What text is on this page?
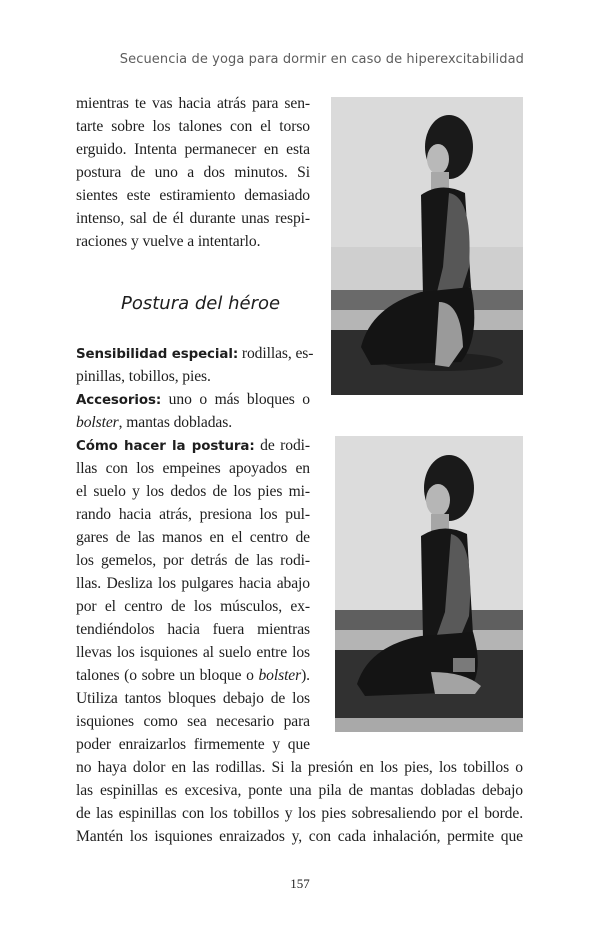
Secuencia de yoga para dormir en caso de hiperexcitabilidad
mientras te vas hacia atrás para sen-
tarte sobre los talones con el torso
erguido. Intenta permanecer en esta
postura de uno a dos minutos. Si
sientes este estiramiento demasiado
intenso, sal de él durante unas respi-
raciones y vuelve a intentarlo.
Postura del héroe
Sensibilidad especial: rodillas, es-
pinillas, tobillos, pies.
Accesorios: uno o más bloques o
bolster, mantas dobladas.
Cómo hacer la postura: de rodi-
llas con los empeines apoyados en
el suelo y los dedos de los pies mi-
rando hacia atrás, presiona los pul-
gares de las manos en el centro de
los gemelos, por detrás de las rodi-
llas. Desliza los pulgares hacia abajo
por el centro de los músculos, ex-
tendiéndolos hacia fuera mientras
llevas los isquiones al suelo entre los
talones (o sobre un bloque o bolster).
Utiliza tantos bloques debajo de los
isquiones como sea necesario para
poder enraizarlos firmemente y que
no haya dolor en las rodillas. Si la presión en los pies, los tobillos o
las espinillas es excesiva, ponte una pila de mantas dobladas debajo
de las espinillas con los tobillos y los pies sobresaliendo por el borde.
Mantén los isquiones enraizados y, con cada inhalación, permite que
157
